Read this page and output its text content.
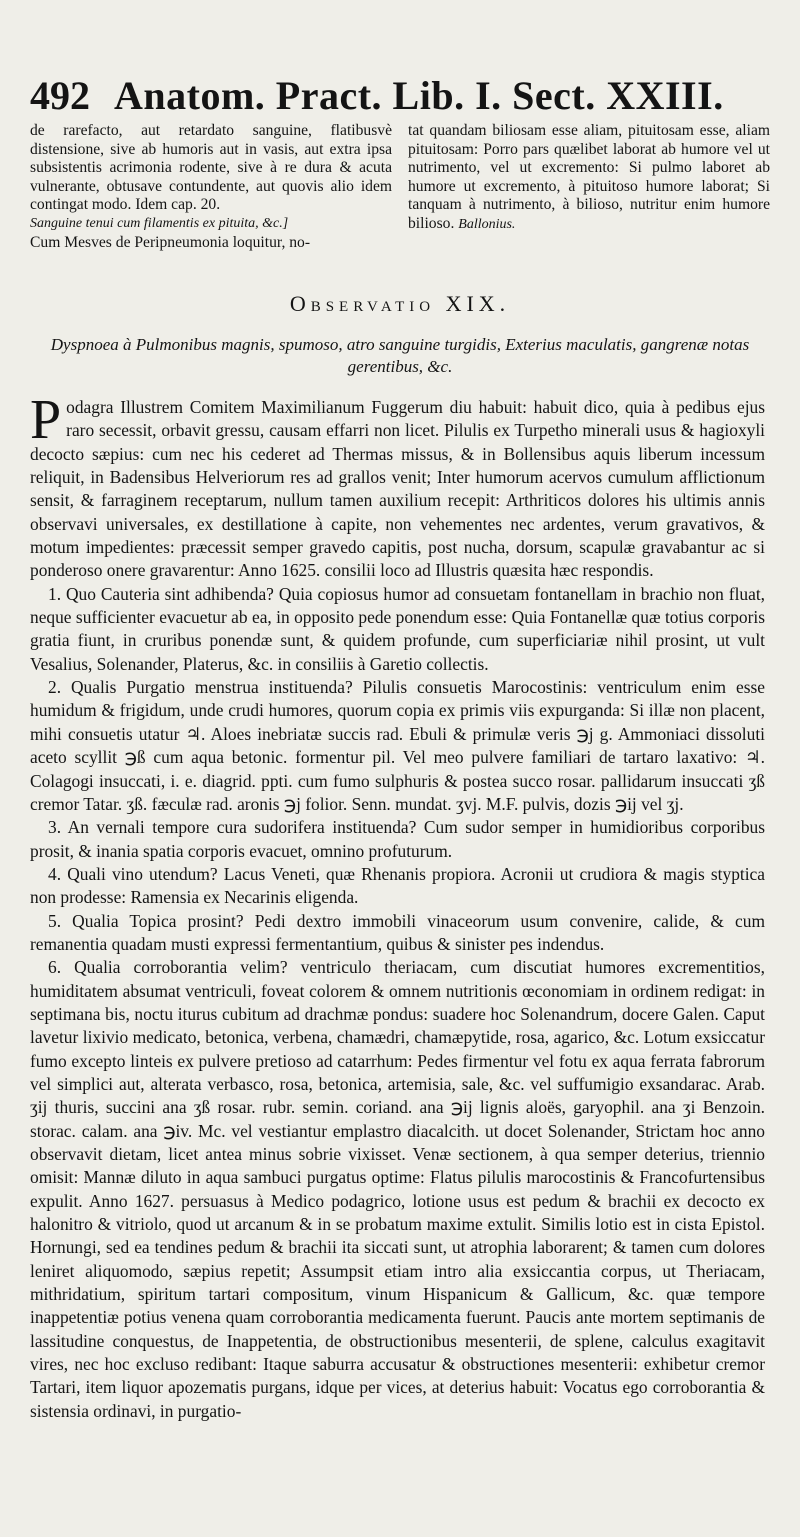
492 Anatom. Pract. Lib. I. Sect. XXIII.

de rarefacto, aut retardato sanguine, flatibusvè distensione, sive ab humoris aut in vasis, aut extra ipsa subsistentis acrimonia rodente, sive à re dura & acuta vulnerante, obtusave contundente, aut quovis alio idem contingat modo. Idem cap. 20.

Sanguine tenui cum filamentis ex pituita, &c.]

Cum Mesves de Peripneumonia loquitur, no-

tat quandam biliosam esse aliam, pituitosam esse, aliam pituitosam: Porro pars quælibet laborat ab humore vel ut nutrimento, vel ut excremento: Si pulmo laboret ab humore ut excremento, à pituitoso humore laborat; Si tanquam à nutrimento, à bilioso, nutritur enim humore bilioso. Ballonius.

Observatio XIX.
Dyspnoea à Pulmonibus magnis, spumoso, atro sanguine turgidis, Exterius maculatis, gangrenæ notas gerentibus, &c.

Podagra Illustrem Comitem Maximilianum Fuggerum diu habuit: habuit dico, quia à pedibus ejus raro secessit, orbavit gressu, causam effarri non licet. Pilulis ex Turpetho minerali usus & hagioxyli decocto sæpius: cum nec his cederet ad Thermas missus, & in Bollensibus aquis liberum incessum reliquit, in Badensibus Helveriorum res ad grallos venit; Inter humorum acervos cumulum afflictionum sensit, & farraginem receptarum, nullum tamen auxilium recepit: Arthriticos dolores his ultimis annis observavi universales, ex destillatione à capite, non vehementes nec ardentes, verum gravativos, & motum impedientes: præcessit semper gravedo capitis, post nucha, dorsum, scapulæ gravabantur ac si ponderoso onere gravarentur: Anno 1625. consilii loco ad Illustris quæsita hæc respondis.

1. Quo Cauteria sint adhibenda? Quia copiosus humor ad consuetam fontanellam in brachio non fluat, neque sufficienter evacuetur ab ea, in opposito pede ponendum esse: Quia Fontanellæ quæ totius corporis gratia fiunt, in cruribus ponendæ sunt, & quidem profunde, cum superficiariæ nihil prosint, ut vult Vesalius, Solenander, Platerus, &c. in consiliis à Garetio collectis.

2. Qualis Purgatio menstrua instituenda? Pilulis consuetis Marocostinis: ventriculum enim esse humidum & frigidum, unde crudi humores, quorum copia ex primis viis expurganda: Si illæ non placent, mihi consuetis utatur ♃. Aloes inebriatæ succis rad. Ebuli & primulæ veris ℈j g. Ammoniaci dissoluti aceto scyllit ℈ß cum aqua betonic. formentur pil. Vel meo pulvere familiari de tartaro laxativo: ♃. Colagogi insuccati, i. e. diagrid. ppti. cum fumo sulphuris & postea succo rosar. pallidarum insuccati ʒß cremor Tatar. ʒß. fæculæ rad. aronis ℈j folior. Senn. mundat. ʒvj. M.F. pulvis, dozis ℈ij vel ʒj.

3. An vernali tempore cura sudorifera instituenda? Cum sudor semper in humidioribus corporibus prosit, & inania spatia corporis evacuet, omnino profuturum.

4. Quali vino utendum? Lacus Veneti, quæ Rhenanis propiora. Acronii ut crudiora & magis styptica non prodesse: Ramensia ex Necarinis eligenda.

5. Qualia Topica prosint? Pedi dextro immobili vinaceorum usum convenire, calide, & cum remanentia quadam musti expressi fermentantium, quibus & sinister pes indendus.

6. Qualia corroborantia velim? ventriculo theriacam, cum discutiat humores excrementitios, humiditatem absumat ventriculi, foveat colorem & omnem nutritionis œconomiam in ordinem redigat: in septimana bis, noctu iturus cubitum ad drachmæ pondus: suadere hoc Solenandrum, docere Galen. Caput lavetur lixivio medicato, betonica, verbena, chamædri, chamæpytide, rosa, agarico, &c. Lotum exsiccatur fumo excepto linteis ex pulvere pretioso ad catarrhum: Pedes firmentur vel fotu ex aqua ferrata fabrorum vel simplici aut, alterata verbasco, rosa, betonica, artemisia, sale, &c. vel suffumigio exsandarac. Arab. ʒij thuris, succini ana ʒß rosar. rubr. semin. coriand. ana ℈ij lignis aloës, garyophil. ana ʒi Benzoin. storac. calam. ana ℈iv. Mc. vel vestiantur emplastro diacalcith. ut docet Solenander, Strictam hoc anno observavit dietam, licet antea minus sobrie vixisset. Venæ sectionem, à qua semper deterius, triennio omisit: Mannæ diluto in aqua sambuci purgatus optime: Flatus pilulis marocostinis & Francofurtensibus expulit. Anno 1627. persuasus à Medico podagrico, lotione usus est pedum & brachii ex decocto ex halonitro & vitriolo, quod ut arcanum & in se probatum maxime extulit. Similis lotio est in cista Epistol. Hornungi, sed ea tendines pedum & brachii ita siccati sunt, ut atrophia laborarent; & tamen cum dolores leniret aliquomodo, sæpius repetit; Assumpsit etiam intro alia exsiccantia corpus, ut Theriacam, mithridatium, spiritum tartari compositum, vinum Hispanicum & Gallicum, &c. quæ tempore inappetentiæ potius venena quam corroborantia medicamenta fuerunt. Paucis ante mortem septimanis de lassitudine conquestus, de Inappetentia, de obstructionibus mesenterii, de splene, calculus exagitavit vires, nec hoc excluso redibant: Itaque saburra accusatur & obstructiones mesenterii: exhibetur cremor Tartari, item liquor apozematis purgans, idque per vices, at deterius habuit: Vocatus ego corroborantia & sistensia ordinavi, in purgatio-
